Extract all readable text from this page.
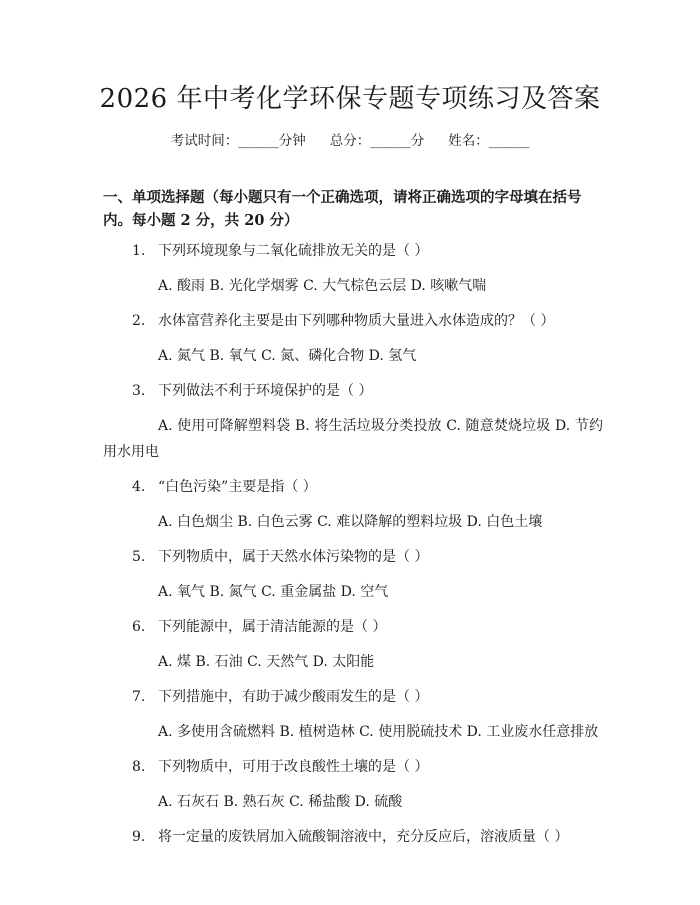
2026 年中考化学环保专题专项练习及答案
考试时间：______分钟 总分：______分 姓名：______
一、单项选择题（每小题只有一个正确选项，请将正确选项的字母填在括号内。每小题 2 分，共 20 分）
1. 下列环境现象与二氧化硫排放无关的是（ ）
A. 酸雨 B. 光化学烟雾 C. 大气棕色云层 D. 咳嗽气喘
2. 水体富营养化主要是由下列哪种物质大量进入水体造成的？（ ）
A. 氮气 B. 氧气 C. 氮、磷化合物 D. 氢气
3. 下列做法不利于环境保护的是（ ）
A. 使用可降解塑料袋 B. 将生活垃圾分类投放 C. 随意焚烧垃圾 D. 节约用水用电
4. “白色污染”主要是指（ ）
A. 白色烟尘 B. 白色云雾 C. 难以降解的塑料垃圾 D. 白色土壤
5. 下列物质中，属于天然水体污染物的是（ ）
A. 氧气 B. 氮气 C. 重金属盐 D. 空气
6. 下列能源中，属于清洁能源的是（ ）
A. 煤 B. 石油 C. 天然气 D. 太阳能
7. 下列措施中，有助于减少酸雨发生的是（ ）
A. 多使用含硫燃料 B. 植树造林 C. 使用脱硫技术 D. 工业废水任意排放
8. 下列物质中，可用于改良酸性土壤的是（ ）
A. 石灰石 B. 熟石灰 C. 稀盐酸 D. 硫酸
9. 将一定量的废铁屑加入硫酸铜溶液中，充分反应后，溶液质量（ ）
